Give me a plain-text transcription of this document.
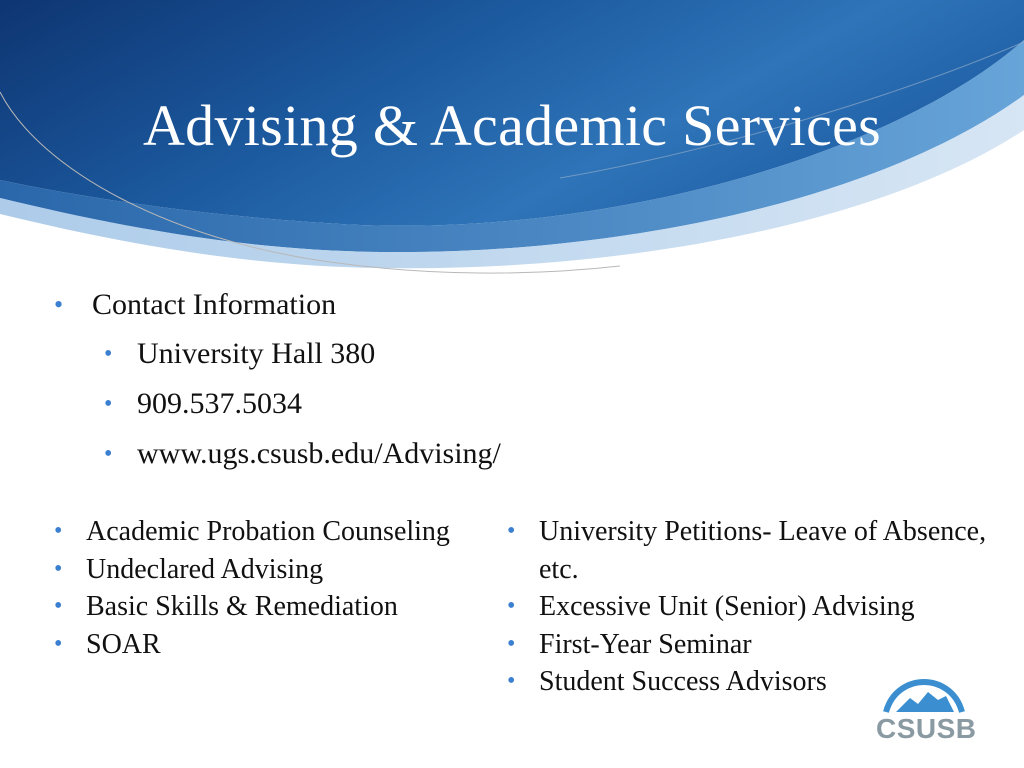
Advising & Academic Services
• Contact Information
• University Hall 380
• 909.537.5034
• www.ugs.csusb.edu/Advising/
• Academic Probation Counseling
• Undeclared Advising
• Basic Skills & Remediation
• SOAR
• University Petitions- Leave of Absence, etc.
• Excessive Unit (Senior) Advising
• First-Year Seminar
• Student Success Advisors
CSUSB
